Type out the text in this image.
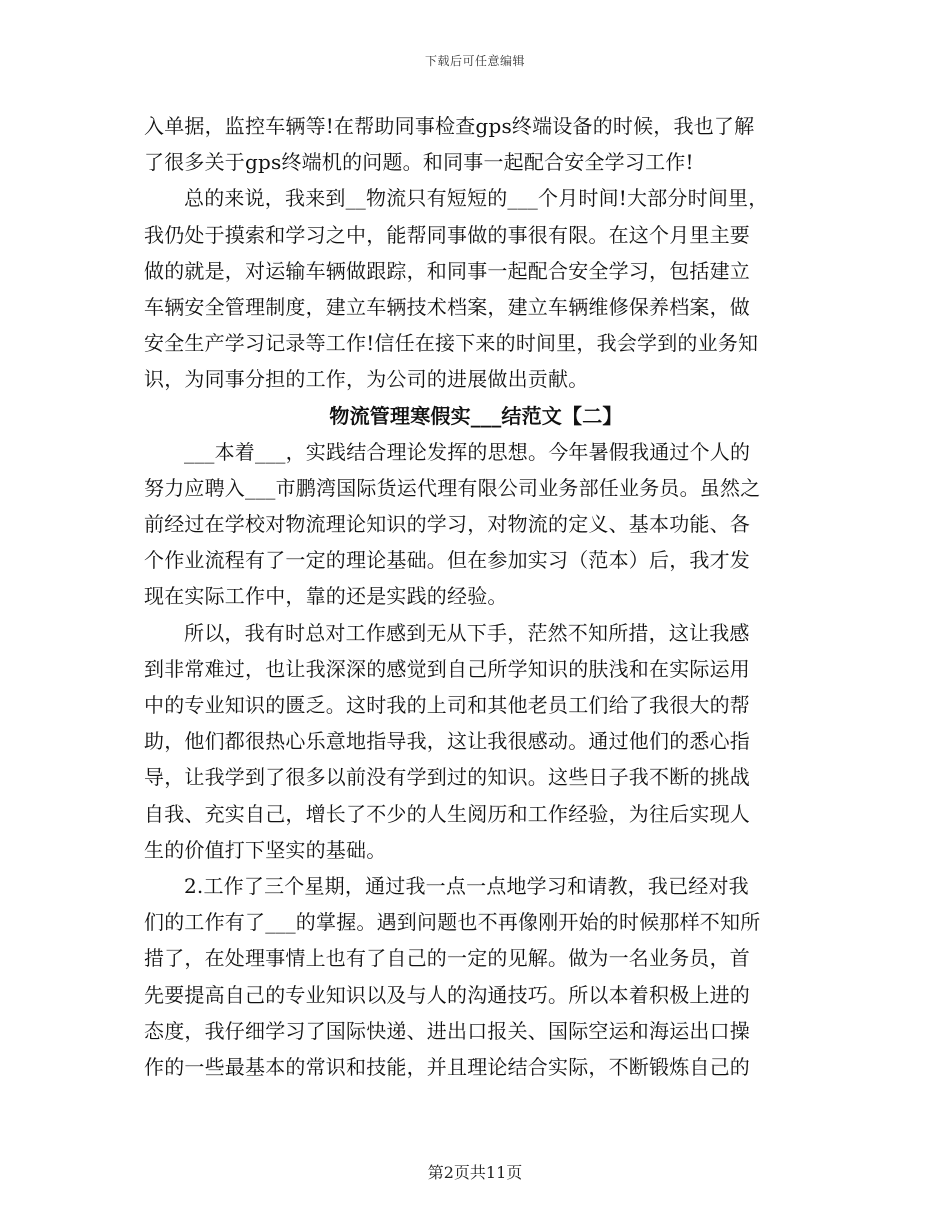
下载后可任意编辑
入单据，监控车辆等!在帮助同事检查gps终端设备的时候，我也了解
了很多关于gps终端机的问题。和同事一起配合安全学习工作!
总的来说，我来到__物流只有短短的___个月时间!大部分时间里，
我仍处于摸索和学习之中，能帮同事做的事很有限。在这个月里主要
做的就是，对运输车辆做跟踪，和同事一起配合安全学习，包括建立
车辆安全管理制度，建立车辆技术档案，建立车辆维修保养档案，做
安全生产学习记录等工作!信任在接下来的时间里，我会学到的业务知
识，为同事分担的工作，为公司的进展做出贡献。
物流管理寒假实___结范文【二】
___本着___，实践结合理论发挥的思想。今年暑假我通过个人的
努力应聘入___市鹏湾国际货运代理有限公司业务部任业务员。虽然之
前经过在学校对物流理论知识的学习，对物流的定义、基本功能、各
个作业流程有了一定的理论基础。但在参加实习（范本）后，我才发
现在实际工作中，靠的还是实践的经验。
所以，我有时总对工作感到无从下手，茫然不知所措，这让我感
到非常难过，也让我深深的感觉到自己所学知识的肤浅和在实际运用
中的专业知识的匮乏。这时我的上司和其他老员工们给了我很大的帮
助，他们都很热心乐意地指导我，这让我很感动。通过他们的悉心指
导，让我学到了很多以前没有学到过的知识。这些日子我不断的挑战
自我、充实自己，增长了不少的人生阅历和工作经验，为往后实现人
生的价值打下坚实的基础。
2.工作了三个星期，通过我一点一点地学习和请教，我已经对我
们的工作有了___的掌握。遇到问题也不再像刚开始的时候那样不知所
措了，在处理事情上也有了自己的一定的见解。做为一名业务员，首
先要提高自己的专业知识以及与人的沟通技巧。所以本着积极上进的
态度，我仔细学习了国际快递、进出口报关、国际空运和海运出口操
作的一些最基本的常识和技能，并且理论结合实际，不断锻炼自己的
第2页共11页
